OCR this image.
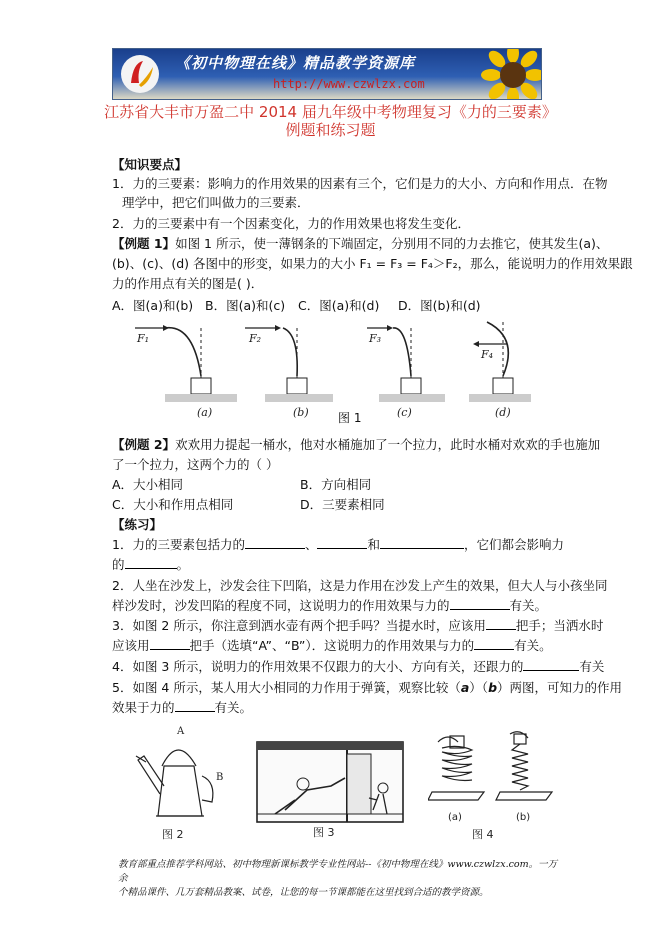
《初中物理在线》精品教学资源库
http://www.czwlzx.com
江苏省大丰市万盈二中 2014 届九年级中考物理复习《力的三要素》
例题和练习题
【知识要点】
1．力的三要素：影响力的作用效果的因素有三个，它们是力的大小、方向和作用点．在物
理学中，把它们叫做力的三要素．
2．力的三要素中有一个因素变化，力的作用效果也将发生变化．
【例题 1】如图 1 所示，使一薄钢条的下端固定，分别用不同的力去推它，使其发生(a)、
(b)、(c)、(d) 各图中的形变，如果力的大小 F₁ = F₃ = F₄＞F₂，那么，能说明力的作用效果跟
力的作用点有关的图是( )．
A．图(a)和(b) B．图(a)和(c) C．图(a)和(d) D．图(b)和(d)
F₁
(a)
F₂
(b)
F₃
(c)
F₄
(d)
图 1
【例题 2】欢欢用力提起一桶水，他对水桶施加了一个拉力，此时水桶对欢欢的手也施加
了一个拉力，这两个力的（ ）
A．大小相同	B．方向相同
C．大小和作用点相同	D．三要素相同
【练习】
1．力的三要素包括力的	、	和	，它们都会影响力
的	。
2．人坐在沙发上，沙发会往下凹陷，这是力作用在沙发上产生的效果，但大人与小孩坐同
样沙发时，沙发凹陷的程度不同，这说明力的作用效果与力的	有关。
3．如图 2 所示，你注意到洒水壶有两个把手吗？当提水时，应该用 把手；当洒水时
应该用	把手（选填“A”、“B”）．这说明力的作用效果与力的	有关。
4．如图 3 所示，说明力的作用效果不仅跟力的大小、方向有关，还跟力的	有关
5．如图 4 所示，某人用大小相同的力作用于弹簧，观察比较（a）（b）两图，可知力的作用
效果于力的	有关。
A
B
图 2	图 3
(a)	(b)
图 4
教育部重点推荐学科网站、初中物理新课标教学专业性网站--《初中物理在线》www.czwlzx.com。一万余
个精品课件、几万套精品教案、试卷，让您的每一节课都能在这里找到合适的教学资源。
